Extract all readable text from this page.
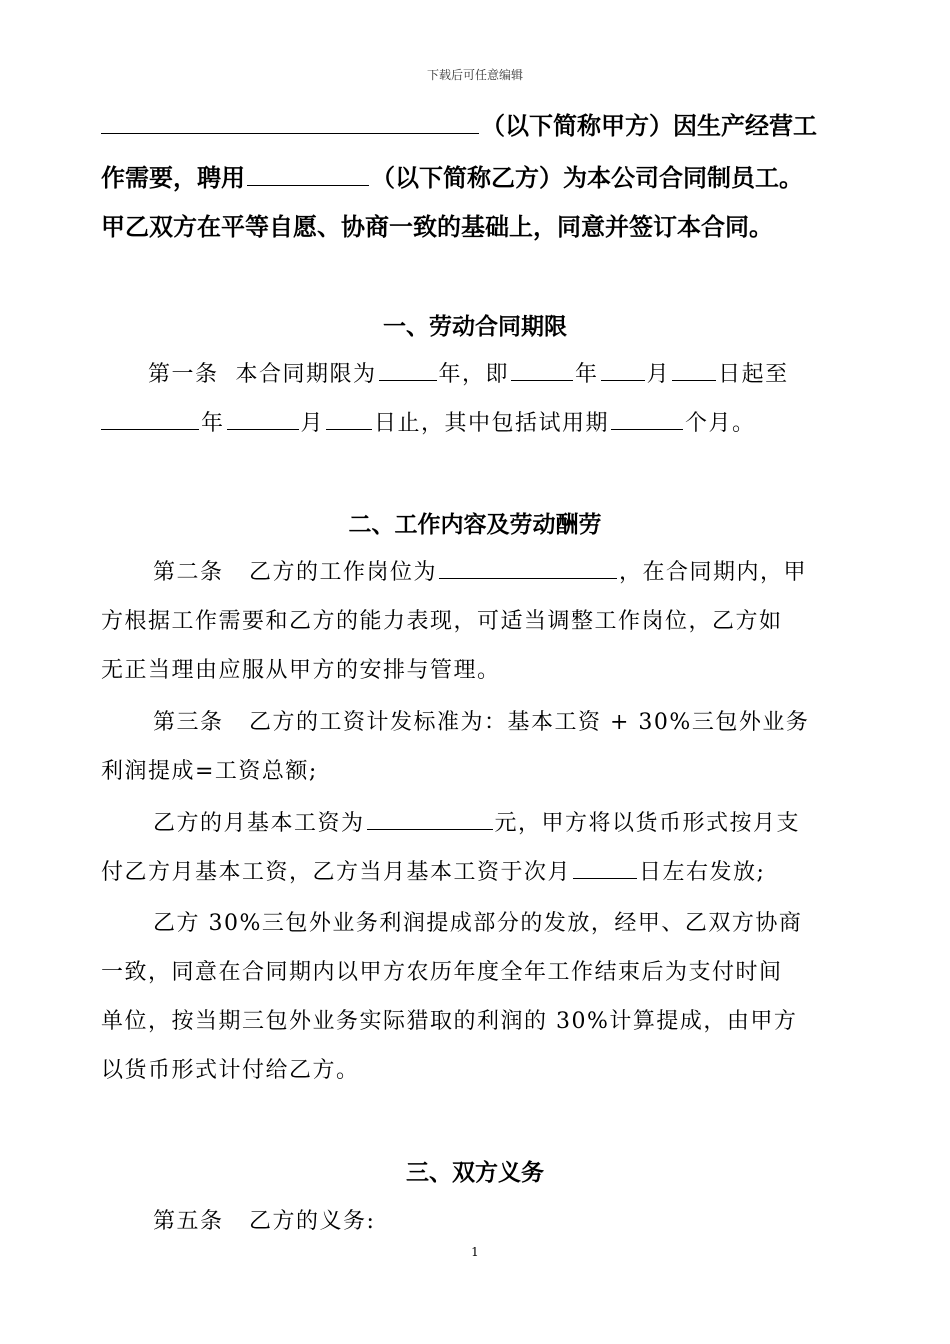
下载后可任意编辑
（以下简称甲方）因生产经营工
作需要，聘用	（以下简称乙方）为本公司合同制员工。
甲乙双方在平等自愿、协商一致的基础上，同意并签订本合同。
一、劳动合同期限
第一条 本合同期限为	年，即	年 月 日起至
年	月 日止，其中包括试用期	个月。
二、工作内容及劳动酬劳
第二条 乙方的工作岗位为	，在合同期内，甲
方根据工作需要和乙方的能力表现，可适当调整工作岗位，乙方如
无正当理由应服从甲方的安排与管理。
第三条 乙方的工资计发标准为：基本工资 + 30%三包外业务
利润提成=工资总额;
乙方的月基本工资为	元，甲方将以货币形式按月支
付乙方月基本工资，乙方当月基本工资于次月	日左右发放;
乙方 30%三包外业务利润提成部分的发放，经甲、乙双方协商
一致，同意在合同期内以甲方农历年度全年工作结束后为支付时间
单位，按当期三包外业务实际猎取的利润的 30%计算提成，由甲方
以货币形式计付给乙方。
三、双方义务
第五条 乙方的义务:
1
